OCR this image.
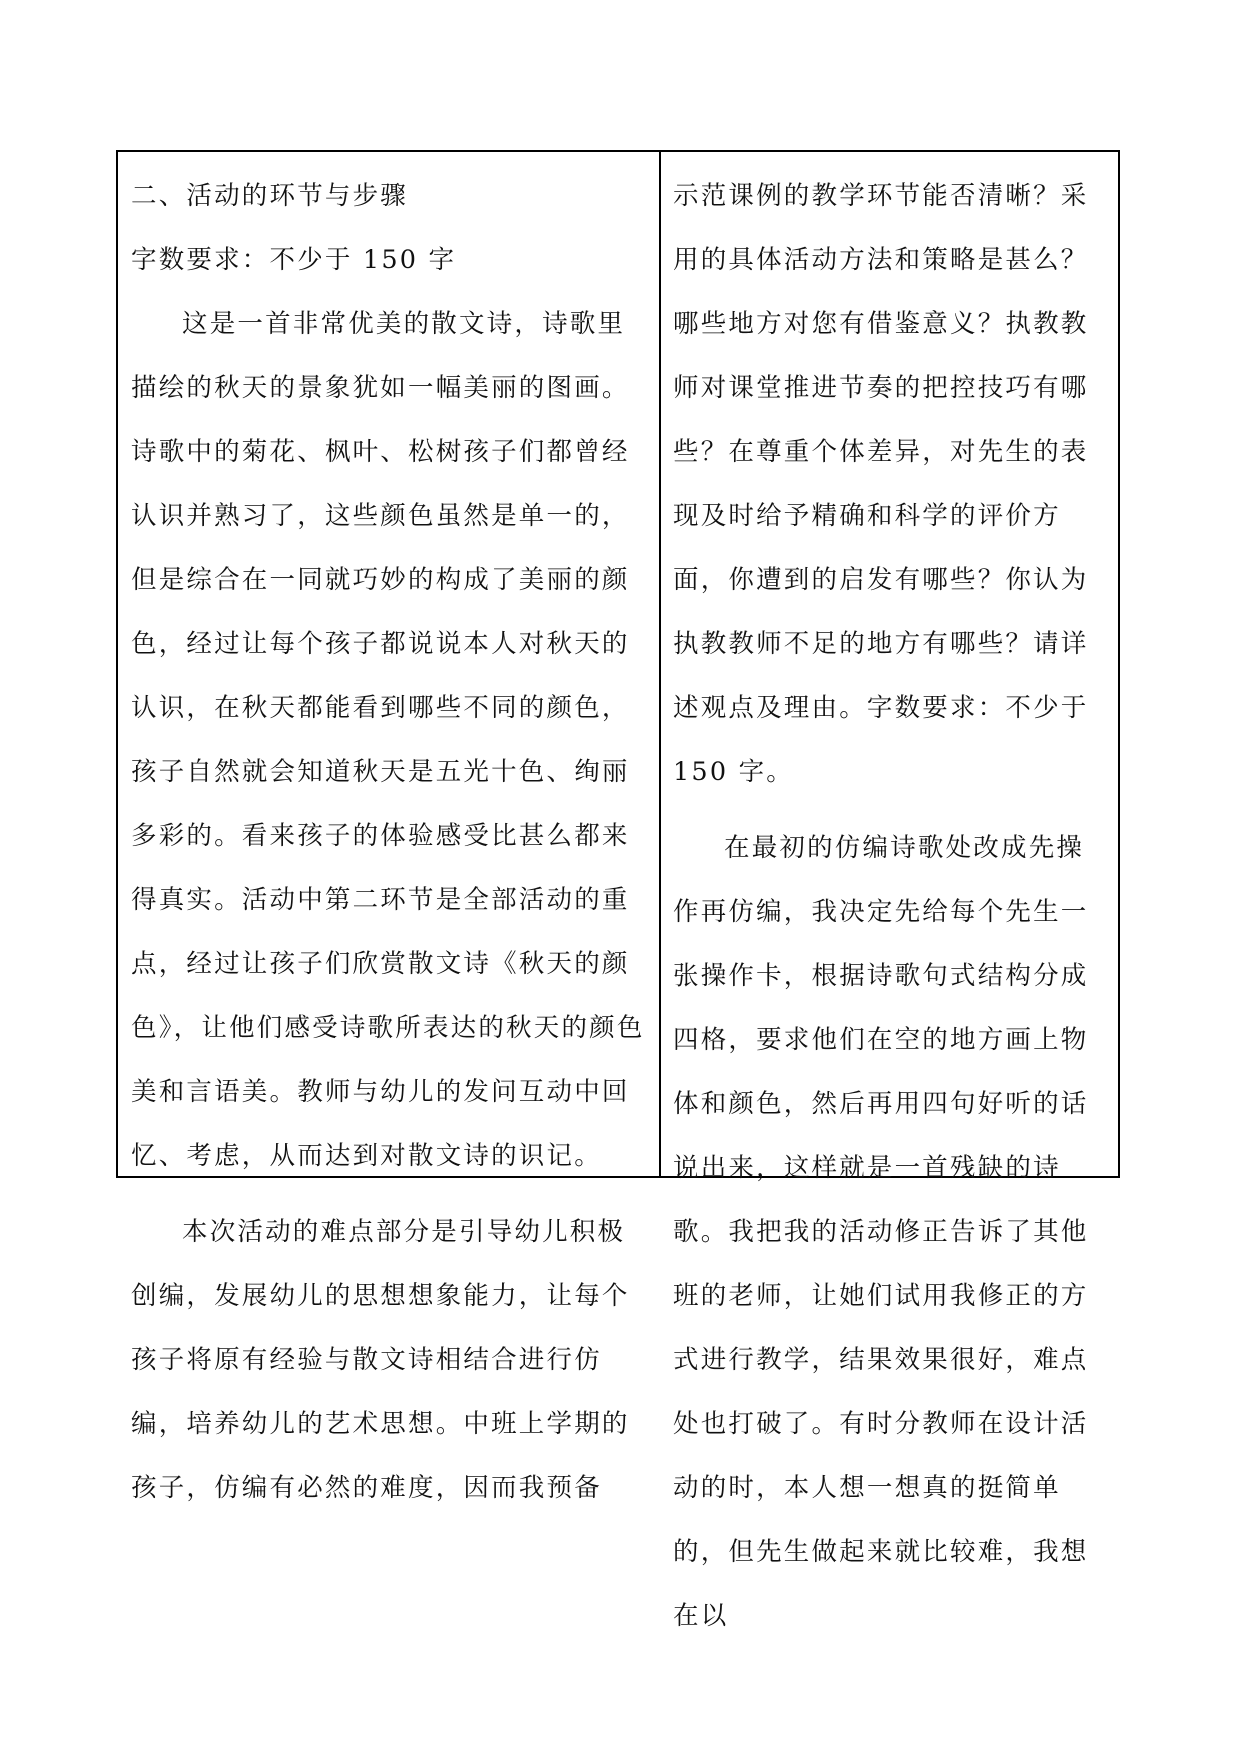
二、活动的环节与步骤

字数要求：不少于 150 字

这是一首非常优美的散文诗，诗歌里描绘的秋天的景象犹如一幅美丽的图画。诗歌中的菊花、枫叶、松树孩子们都曾经认识并熟习了，这些颜色虽然是单一的，但是综合在一同就巧妙的构成了美丽的颜色，经过让每个孩子都说说本人对秋天的认识，在秋天都能看到哪些不同的颜色，孩子自然就会知道秋天是五光十色、绚丽多彩的。看来孩子的体验感受比甚么都来得真实。活动中第二环节是全部活动的重点，经过让孩子们欣赏散文诗《秋天的颜色》，让他们感受诗歌所表达的秋天的颜色美和言语美。教师与幼儿的发问互动中回忆、考虑，从而达到对散文诗的识记。

本次活动的难点部分是引导幼儿积极创编，发展幼儿的思想想象能力，让每个孩子将原有经验与散文诗相结合进行仿编，培养幼儿的艺术思想。中班上学期的孩子，仿编有必然的难度，因而我预备

示范课例的教学环节能否清晰？采用的具体活动方法和策略是甚么？哪些地方对您有借鉴意义？执教教师对课堂推进节奏的把控技巧有哪些？在尊重个体差异，对先生的表现及时给予精确和科学的评价方面，你遭到的启发有哪些？你认为执教教师不足的地方有哪些？请详述观点及理由。字数要求：不少于 150 字。

在最初的仿编诗歌处改成先操作再仿编，我决定先给每个先生一张操作卡，根据诗歌句式结构分成四格，要求他们在空的地方画上物体和颜色，然后再用四句好听的话说出来，这样就是一首残缺的诗歌。我把我的活动修正告诉了其他班的老师，让她们试用我修正的方式进行教学，结果效果很好，难点处也打破了。有时分教师在设计活动的时，本人想一想真的挺简单的，但先生做起来就比较难，我想在以
